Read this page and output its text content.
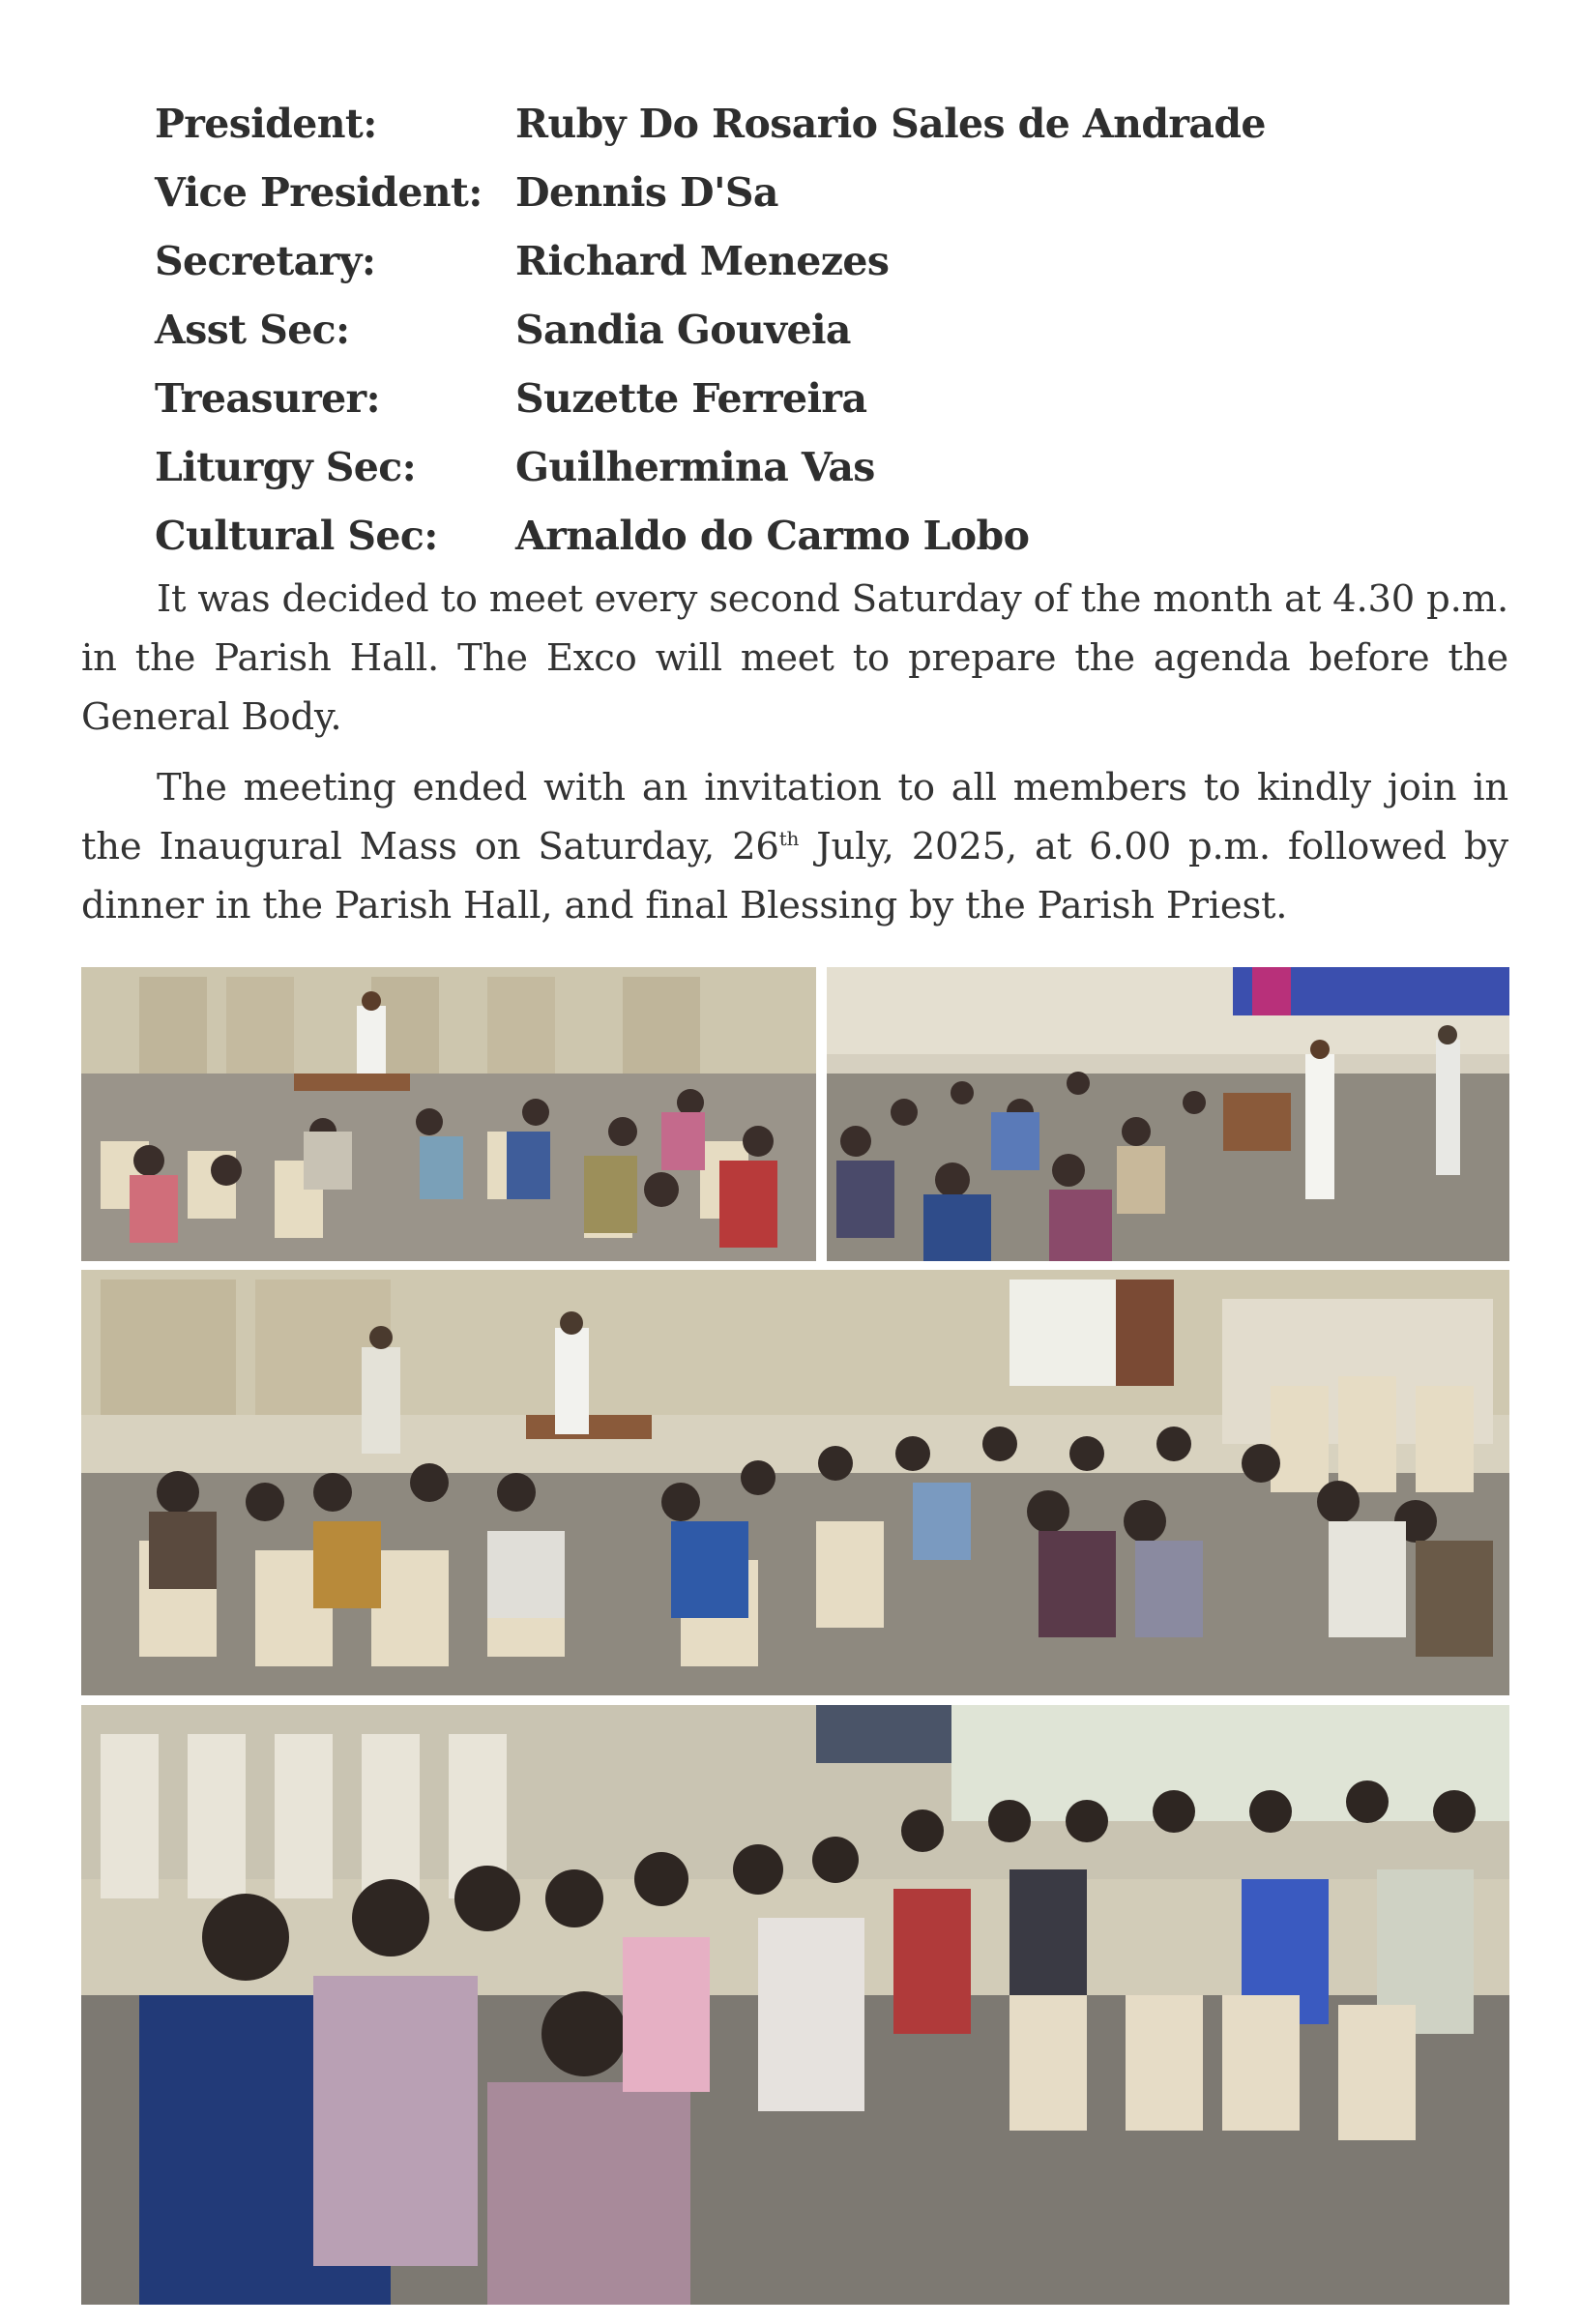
President:	Ruby Do Rosario Sales de Andrade
Vice President: Dennis D'Sa
Secretary:	Richard Menezes
Asst Sec:	Sandia Gouveia
Treasurer:	Suzette Ferreira
Liturgy Sec:	Guilhermina Vas
Cultural Sec:	Arnaldo do Carmo Lobo

It was decided to meet every second Saturday of the month at 4.30 p.m. in the Parish Hall. The Exco will meet to prepare the agenda before the General Body.

The meeting ended with an invitation to all members to kindly join in the Inaugural Mass on Saturday, 26th July, 2025, at 6.00 p.m. followed by dinner in the Parish Hall, and final Blessing by the Parish Priest.
